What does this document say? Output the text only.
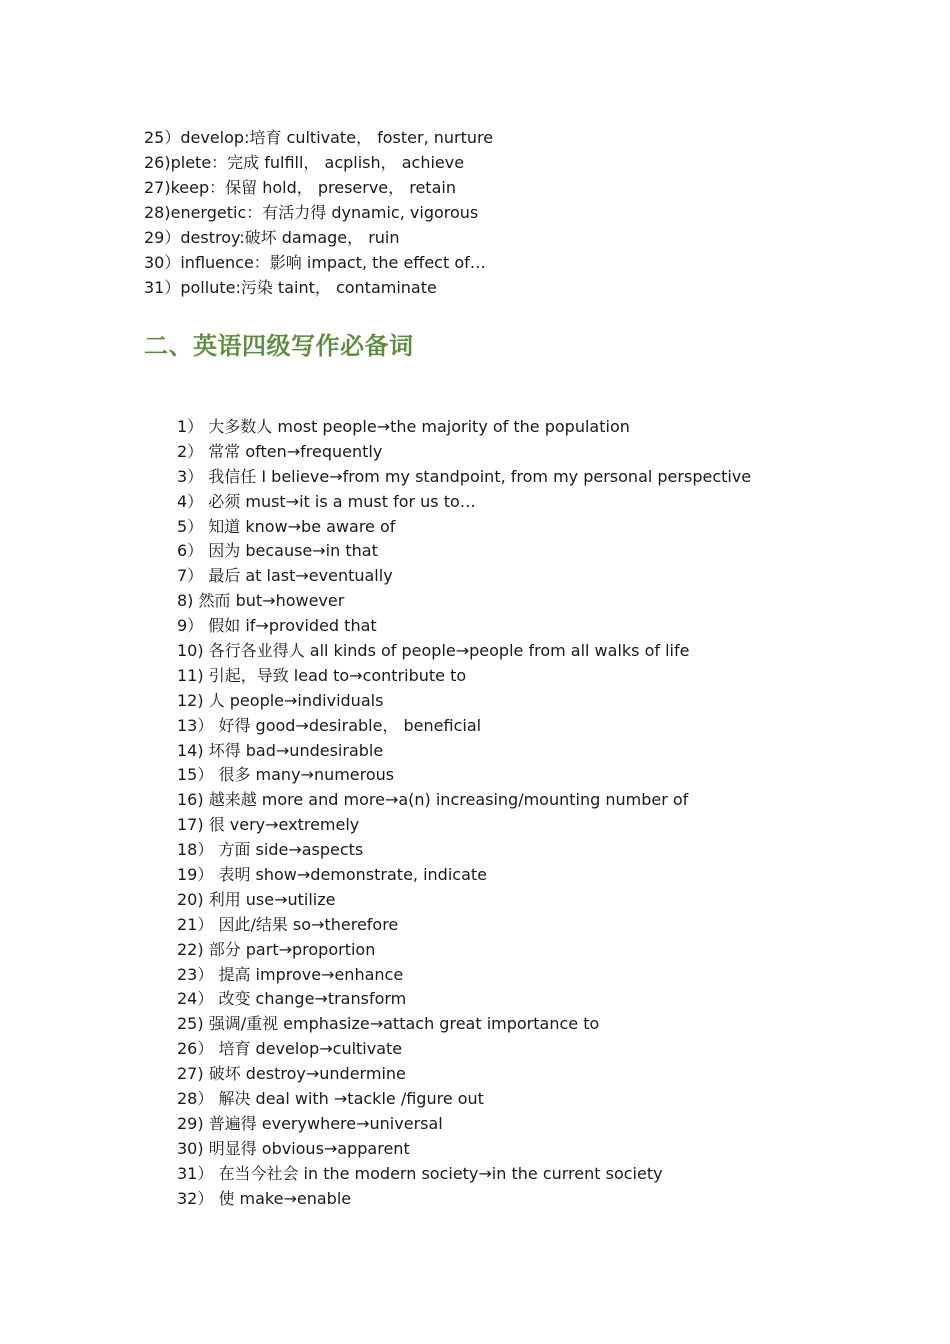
25）develop:培育 cultivate， foster, nurture
26)plete：完成 fulfill， acplish， achieve
27)keep：保留 hold， preserve， retain
28)energetic：有活力得 dynamic, vigorous
29）destroy:破坏 damage， ruin
30）influence：影响 impact, the effect of…
31）pollute:污染 taint， contaminate
二、英语四级写作必备词
1） 大多数人 most people→the majority of the population
2） 常常 often→frequently
3） 我信任 I believe→from my standpoint, from my personal perspective
4） 必须 must→it is a must for us to…
5） 知道 know→be aware of
6） 因为 because→in that
7） 最后 at last→eventually
8) 然而 but→however
9） 假如 if→provided that
10) 各行各业得人 all kinds of people→people from all walks of life
11) 引起，导致 lead to→contribute to
12) 人 people→individuals
13） 好得 good→desirable， beneficial
14) 坏得 bad→undesirable
15） 很多 many→numerous
16) 越来越 more and more→a(n) increasing/mounting number of
17) 很 very→extremely
18） 方面 side→aspects
19） 表明 show→demonstrate, indicate
20) 利用 use→utilize
21） 因此/结果 so→therefore
22) 部分 part→proportion
23） 提高 improve→enhance
24） 改变 change→transform
25) 强调/重视 emphasize→attach great importance to
26） 培育 develop→cultivate
27) 破坏 destroy→undermine
28） 解决 deal with →tackle /figure out
29) 普遍得 everywhere→universal
30) 明显得 obvious→apparent
31） 在当今社会 in the modern society→in the current society
32） 使 make→enable
